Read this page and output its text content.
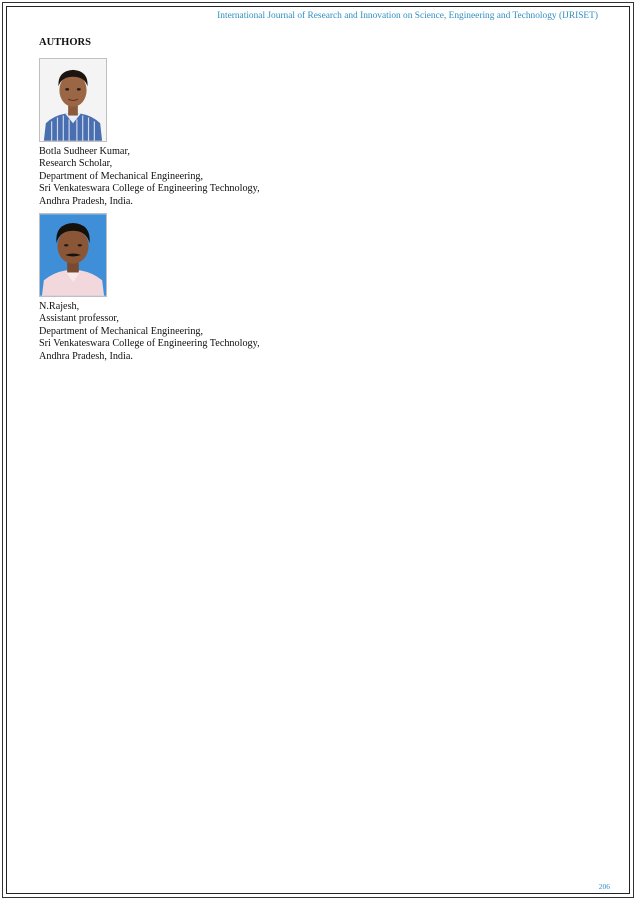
International Journal of Research and Innovation on Science, Engineering and Technology (IJRISET)
AUTHORS
Botla Sudheer Kumar,
Research Scholar,
Department of Mechanical Engineering,
Sri Venkateswara College of Engineering Technology,
Andhra Pradesh, India.
N.Rajesh,
Assistant professor,
Department of Mechanical Engineering,
Sri Venkateswara College of Engineering Technology,
Andhra Pradesh, India.
206
